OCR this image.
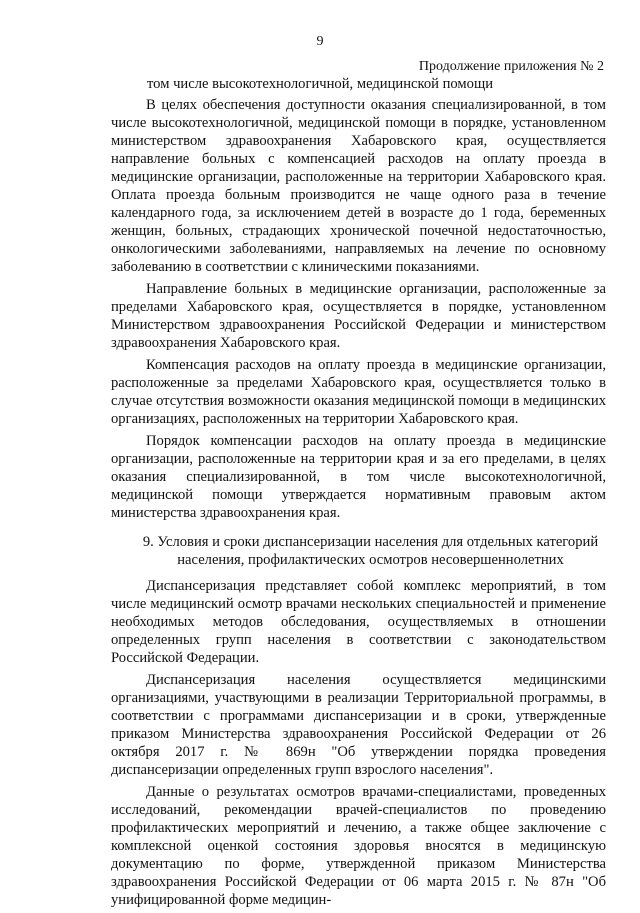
9
Продолжение приложения № 2
том числе высокотехнологичной, медицинской помощи

В целях обеспечения доступности оказания специализированной, в том числе высокотехнологичной, медицинской помощи в порядке, установленном министерством здравоохранения Хабаровского края, осуществляется направление больных с компенсацией расходов на оплату проезда в медицинские организации, расположенные на территории Хабаровского края. Оплата проезда больным производится не чаще одного раза в течение календарного года, за исключением детей в возрасте до 1 года, беременных женщин, больных, страдающих хронической почечной недостаточностью, онкологическими заболеваниями, направляемых на лечение по основному заболеванию в соответствии с клиническими показаниями.

Направление больных в медицинские организации, расположенные за пределами Хабаровского края, осуществляется в порядке, установленном Министерством здравоохранения Российской Федерации и министерством здравоохранения Хабаровского края.

Компенсация расходов на оплату проезда в медицинские организации, расположенные за пределами Хабаровского края, осуществляется только в случае отсутствия возможности оказания медицинской помощи в медицинских организациях, расположенных на территории Хабаровского края.

Порядок компенсации расходов на оплату проезда в медицинские организации, расположенные на территории края и за его пределами, в целях оказания специализированной, в том числе высокотехнологичной, медицинской помощи утверждается нормативным правовым актом министерства здравоохранения края.

9. Условия и сроки диспансеризации населения для отдельных категорий населения, профилактических осмотров несовершеннолетних

Диспансеризация представляет собой комплекс мероприятий, в том числе медицинский осмотр врачами нескольких специальностей и применение необходимых методов обследования, осуществляемых в отношении определенных групп населения в соответствии с законодательством Российской Федерации.

Диспансеризация населения осуществляется медицинскими организациями, участвующими в реализации Территориальной программы, в соответствии с программами диспансеризации и в сроки, утвержденные приказом Министерства здравоохранения Российской Федерации от 26 октября 2017 г. № 869н "Об утверждении порядка проведения диспансеризации определенных групп взрослого населения".

Данные о результатах осмотров врачами-специалистами, проведенных исследований, рекомендации врачей-специалистов по проведению профилактических мероприятий и лечению, а также общее заключение с комплексной оценкой состояния здоровья вносятся в медицинскую документацию по форме, утвержденной приказом Министерства здравоохранения Российской Федерации от 06 марта 2015 г. № 87н "Об унифицированной форме медицин-
